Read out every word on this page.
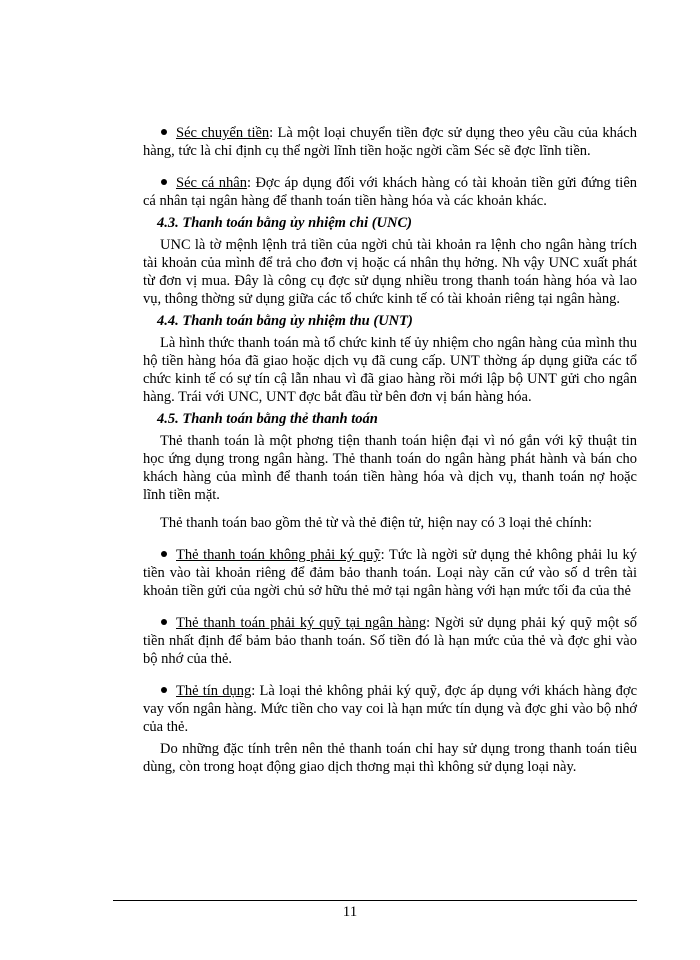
Séc chuyển tiền: Là một loại chuyển tiền đợc sử dụng theo yêu cầu của khách hàng, tức là chỉ định cụ thể ngời lĩnh tiền hoặc ngời cầm Séc sẽ đợc lĩnh tiền.

Séc cá nhân: Đợc áp dụng đối với khách hàng có tài khoản tiền gửi đứng tiên cá nhân tại ngân hàng để thanh toán tiền hàng hóa và các khoản khác.

4.3. Thanh toán bằng ủy nhiệm chi (UNC)

UNC là tờ mệnh lệnh trả tiền của ngời chủ tài khoản ra lệnh cho ngân hàng trích tài khoản của mình để trả cho đơn vị hoặc cá nhân thụ hởng. Nh vậy UNC xuất phát từ đơn vị mua. Đây là công cụ đợc sử dụng nhiều trong thanh toán hàng hóa và lao vụ, thông thờng sử dụng giữa các tổ chức kinh tế có tài khoản riêng tại ngân hàng.

4.4. Thanh toán bằng ủy nhiệm thu (UNT)

Là hình thức thanh toán mà tổ chức kinh tế ủy nhiệm cho ngân hàng của mình thu hộ tiền hàng hóa đã giao hoặc dịch vụ đã cung cấp. UNT thờng áp dụng giữa các tổ chức kinh tế có sự tín cậ lẫn nhau vì đã giao hàng rồi mới lập bộ UNT gửi cho ngân hàng. Trái với UNC, UNT đợc bắt đầu từ bên đơn vị bán hàng hóa.

4.5. Thanh toán bằng thẻ thanh toán

Thẻ thanh toán là một phơng tiện thanh toán hiện đại vì nó gắn với kỹ thuật tin học ứng dụng trong ngân hàng. Thẻ thanh toán do ngân hàng phát hành và bán cho khách hàng của mình để thanh toán tiền hàng hóa và dịch vụ, thanh toán nợ hoặc lĩnh tiền mặt.

Thẻ thanh toán bao gồm thẻ từ và thẻ điện tử, hiện nay có 3 loại thẻ chính:

Thẻ thanh toán không phải ký quỹ: Tức là ngời sử dụng thẻ không phải lu ký tiền vào tài khoản riêng để đảm bảo thanh toán. Loại này căn cứ vào số d trên tài khoản tiền gửi của ngời chủ sở hữu thẻ mở tại ngân hàng với hạn mức tối đa của thẻ

Thẻ thanh toán phải ký quỹ tại ngân hàng: Ngời sử dụng phải ký quỹ một số tiền nhất định để bảm bảo thanh toán. Số tiền đó là hạn mức của thẻ và đợc ghi vào bộ nhớ của thẻ.

Thẻ tín dụng: Là loại thẻ không phải ký quỹ, đợc áp dụng với khách hàng đợc vay vốn ngân hàng. Mức tiền cho vay coi là hạn mức tín dụng và đợc ghi vào bộ nhớ của thẻ.

Do những đặc tính trên nên thẻ thanh toán chỉ hay sử dụng trong thanh toán tiêu dùng, còn trong hoạt động giao dịch thơng mại thì không sử dụng loại này.

11
